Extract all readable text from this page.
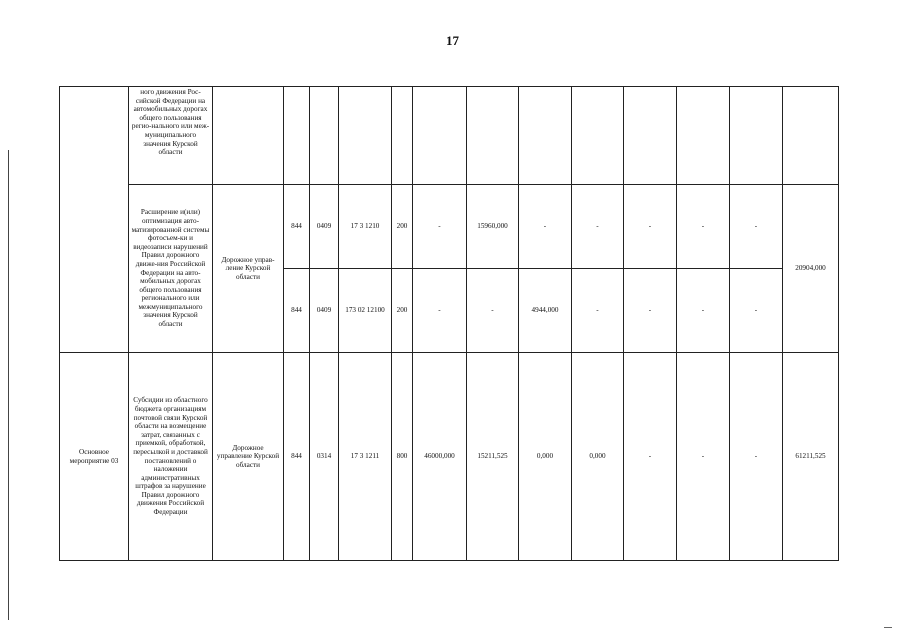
17
	ного движения Рос-сийской Федерации на автомобильных дорогах общего пользования регио-нального или меж-муниципального значения Курской области													
	Расширение и(или) оптимизация авто-матизированной системы фотосъем-ки и видеозаписи нарушений Правил дорожного движе-ния Российской Федерации на авто-мобильных дорогах общего пользования регионального или межмуниципального значения Курской области	Дорожное управ-ление Курской области	844	0409	17 3 1210	200	-	15960,000	-	-	-	-	-	20904,000
			844	0409	173 02 12100	200	-	-	4944,000	-	-	-	-	
Основное мероприятие 03	Субсидии из областного бюджета организациям почтовой связи Курской области на возмещение затрат, связанных с приемкой, обработкой, пересылкой и доставкой постановлений о наложении административных штрафов за нарушение Правил дорожного движения Российской Федерации	Дорожное управление Курской области	844	0314	17 3 1211	800	46000,000	15211,525	0,000	0,000	-	-	-	61211,525
